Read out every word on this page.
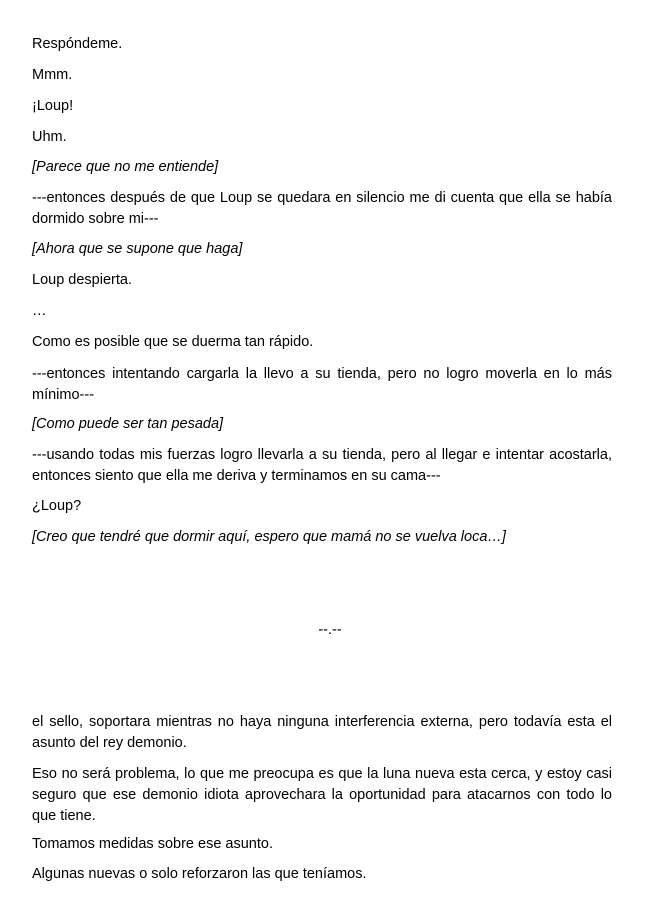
Respóndeme.

Mmm.

¡Loup!

Uhm.

[Parece que no me entiende]

---entonces después de que Loup se quedara en silencio me di cuenta que ella se había dormido sobre mi---

[Ahora que se supone que haga]

Loup despierta.

…

Como es posible que se duerma tan rápido.

---entonces intentando cargarla la llevo a su tienda, pero no logro moverla en lo más mínimo---

[Como puede ser tan pesada]

---usando todas mis fuerzas logro llevarla a su tienda, pero al llegar e intentar acostarla, entonces siento que ella me deriva y terminamos en su cama---

¿Loup?

[Creo que tendré que dormir aquí, espero que mamá no se vuelva loca…]

--.--

el sello, soportara mientras no haya ninguna interferencia externa, pero todavía esta el asunto del rey demonio.

Eso no será problema, lo que me preocupa es que la luna nueva esta cerca, y estoy casi seguro que ese demonio idiota aprovechara la oportunidad para atacarnos con todo lo que tiene.

Tomamos medidas sobre ese asunto.

Algunas nuevas o solo reforzaron las que teníamos.
